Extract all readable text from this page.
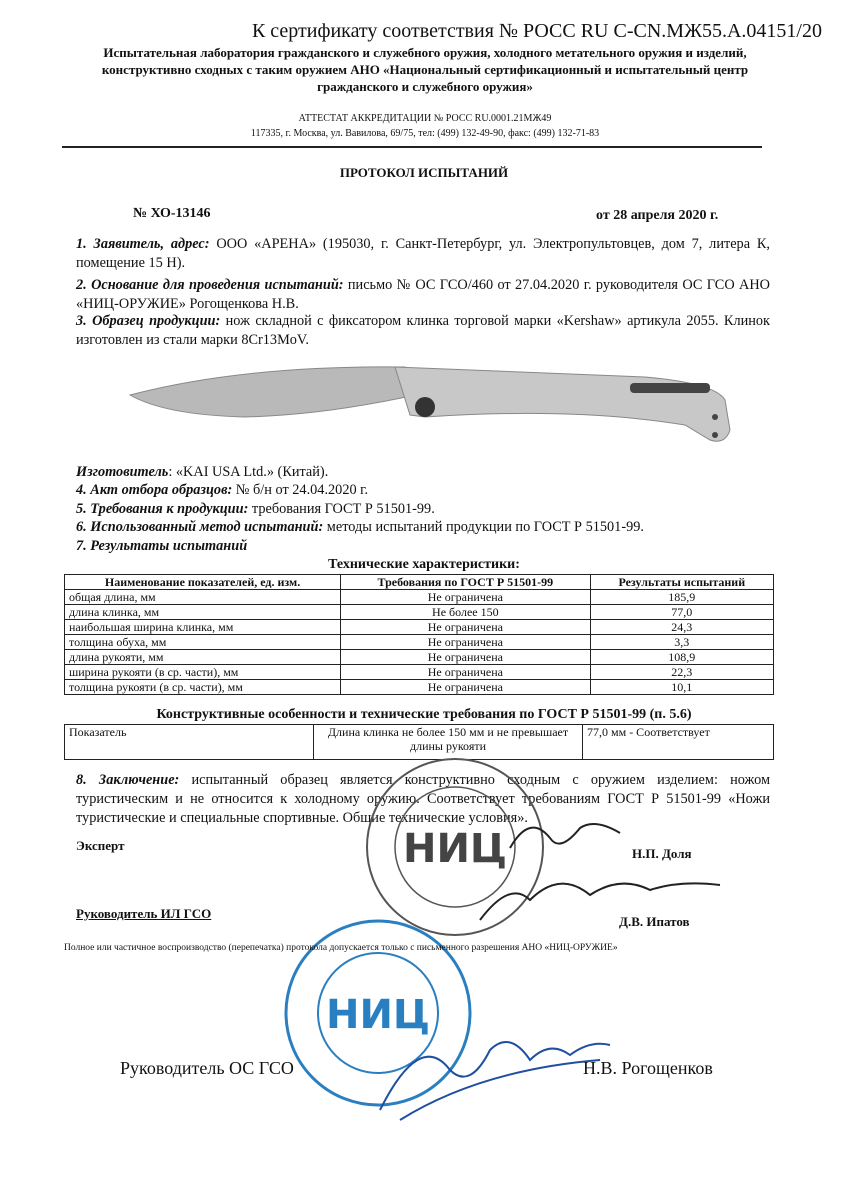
К сертификату соответствия № РОСС RU C-CN.МЖ55.А.04151/20
Испытательная лаборатория гражданского и служебного оружия, холодного метательного оружия и изделий, конструктивно сходных с таким оружием АНО «Национальный сертификационный и испытательный центр гражданского и служебного оружия»
АТТЕСТАТ АККРЕДИТАЦИИ № РОСС RU.0001.21МЖ49
117335, г. Москва, ул. Вавилова, 69/75, тел: (499) 132-49-90, факс: (499) 132-71-83
ПРОТОКОЛ ИСПЫТАНИЙ
№ ХО-13146	от 28 апреля 2020 г.
1. Заявитель, адрес: ООО «АРЕНА» (195030, г. Санкт-Петербург, ул. Электропультовцев, дом 7, литера К, помещение 15 Н).
2. Основание для проведения испытаний: письмо № ОС ГСО/460 от 27.04.2020 г. руководителя ОС ГСО АНО «НИЦ-ОРУЖИЕ» Рогощенкова Н.В.
3. Образец продукции: нож складной с фиксатором клинка торговой марки «Kershaw» артикула 2055. Клинок изготовлен из стали марки 8Cr13MoV.
Изготовитель: «KAI USA Ltd.» (Китай).
4. Акт отбора образцов: № б/н от 24.04.2020 г.
5. Требования к продукции: требования ГОСТ Р 51501-99.
6. Использованный метод испытаний: методы испытаний продукции по ГОСТ Р 51501-99.
7. Результаты испытаний
Технические характеристики:
Наименование показателей, ед. изм.	Требования по ГОСТ Р 51501-99	Результаты испытаний
общая длина, мм	Не ограничена	185,9
длина клинка, мм	Не более 150	77,0
наибольшая ширина клинка, мм	Не ограничена	24,3
толщина обуха, мм	Не ограничена	3,3
длина рукояти, мм	Не ограничена	108,9
ширина рукояти (в ср. части), мм	Не ограничена	22,3
толщина рукояти (в ср. части), мм	Не ограничена	10,1
Конструктивные особенности и технические требования по ГОСТ Р 51501-99 (п. 5.6)
Показатель	Длина клинка не более 150 мм и не превышает длины рукояти	77,0 мм - Соответствует
8. Заключение: испытанный образец является конструктивно сходным с оружием изделием: ножом туристическим и не относится к холодному оружию. Соответствует требованиям ГОСТ Р 51501-99 «Ножи туристические и специальные спортивные. Общие технические условия».
НИЦ
НИЦ
Эксперт
Н.П. Доля
Руководитель ИЛ ГСО
Д.В. Ипатов
Полное или частичное воспроизводство (перепечатка) протокола допускается только с письменного разрешения АНО «НИЦ-ОРУЖИЕ»
Руководитель ОС ГСО	Н.В. Рогощенков
